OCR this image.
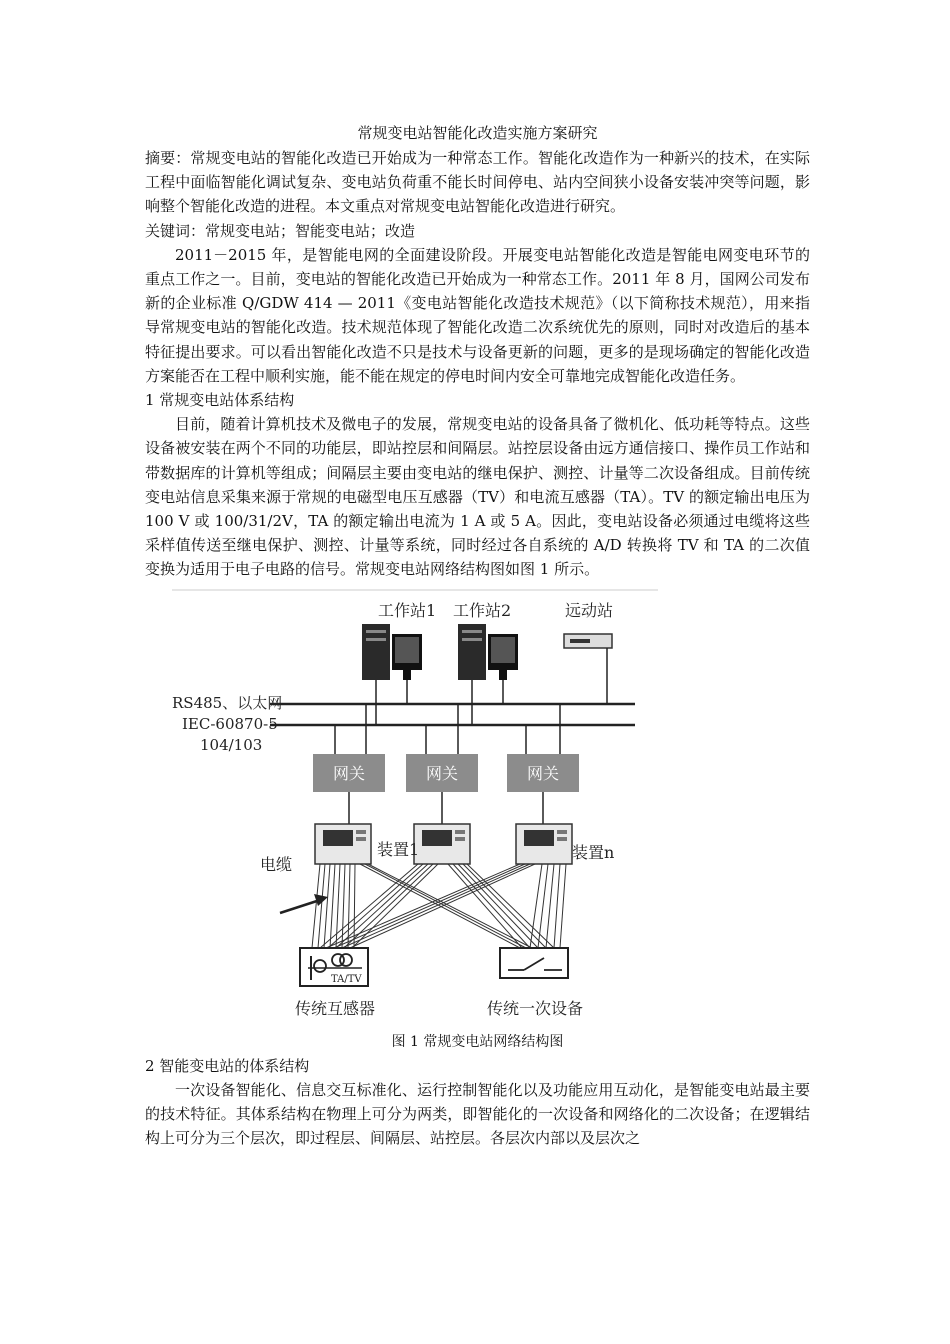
常规变电站智能化改造实施方案研究

摘要：常规变电站的智能化改造已开始成为一种常态工作。智能化改造作为一种新兴的技术，在实际工程中面临智能化调试复杂、变电站负荷重不能长时间停电、站内空间狭小设备安装冲突等问题，影响整个智能化改造的进程。本文重点对常规变电站智能化改造进行研究。

关键词：常规变电站；智能变电站；改造

2011－2015 年，是智能电网的全面建设阶段。开展变电站智能化改造是智能电网变电环节的重点工作之一。目前，变电站的智能化改造已开始成为一种常态工作。2011 年 8 月，国网公司发布新的企业标准 Q/GDW 414 — 2011《变电站智能化改造技术规范》（以下简称技术规范），用来指导常规变电站的智能化改造。技术规范体现了智能化改造二次系统优先的原则，同时对改造后的基本特征提出要求。可以看出智能化改造不只是技术与设备更新的问题，更多的是现场确定的智能化改造方案能否在工程中顺利实施，能不能在规定的停电时间内安全可靠地完成智能化改造任务。

1 常规变电站体系结构

目前，随着计算机技术及微电子的发展，常规变电站的设备具备了微机化、低功耗等特点。这些设备被安装在两个不同的功能层，即站控层和间隔层。站控层设备由远方通信接口、操作员工作站和带数据库的计算机等组成；间隔层主要由变电站的继电保护、测控、计量等二次设备组成。目前传统变电站信息采集来源于常规的电磁型电压互感器（TV）和电流互感器（TA）。TV 的额定输出电压为 100 V 或 100/31/2V，TA 的额定输出电流为 1 A 或 5 A。因此，变电站设备必须通过电缆将这些采样值传送至继电保护、测控、计量等系统，同时经过各自系统的 A/D 转换将 TV 和 TA 的二次值变换为适用于电子电路的信号。常规变电站网络结构图如图 1 所示。

工作站1 工作站2	远动站
RS485、以太网
IEC-60870-5-
104/103
网关	网关	网关
装置1	装置n
电缆
TA/TV
传统互感器	传统一次设备
图 1 常规变电站网络结构图
2 智能变电站的体系结构

一次设备智能化、信息交互标准化、运行控制智能化以及功能应用互动化，是智能变电站最主要的技术特征。其体系结构在物理上可分为两类，即智能化的一次设备和网络化的二次设备；在逻辑结构上可分为三个层次，即过程层、间隔层、站控层。各层次内部以及层次之
